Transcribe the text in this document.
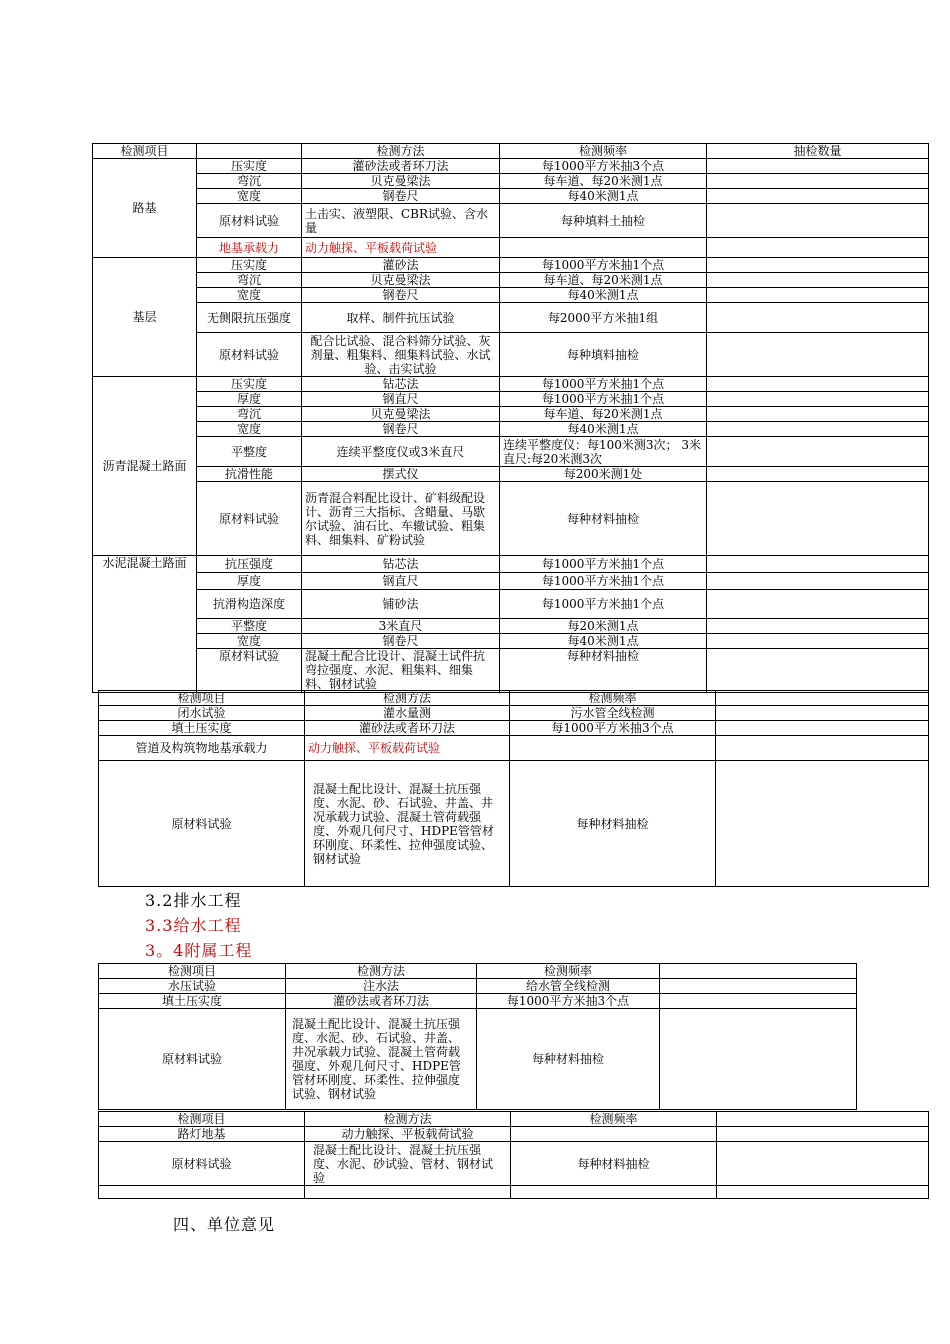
检测项目		检测方法	检测频率	抽检数量
路基	压实度	灌砂法或者环刀法	每1000平方米抽3个点	
	弯沉	贝克曼梁法	每车道、每20米测1点	
	宽度	钢卷尺	每40米测1点	
	原材料试验	土击实、液塑限、CBR试验、含水量	每种填料土抽检	
	地基承载力	动力触探、平板载荷试验		
基层	压实度	灌砂法	每1000平方米抽1个点	
	弯沉	贝克曼梁法	每车道、每20米测1点	
	宽度	钢卷尺	每40米测1点	
	无侧限抗压强度	取样、制件抗压试验	每2000平方米抽1组	
	原材料试验	配合比试验、混合料筛分试验、灰剂量、粗集料、细集料试验、水试验、击实试验	每种填料抽检	
沥青混凝土路面	压实度	钻芯法	每1000平方米抽1个点	
	厚度	钢直尺	每1000平方米抽1个点	
	弯沉	贝克曼梁法	每车道、每20米测1点	
	宽度	钢卷尺	每40米测1点	
	平整度	连续平整度仪或3米直尺	连续平整度仪：每100米测3次； 3米直尺:每20米测3次	
	抗滑性能	摆式仪	每200米测1处	
	原材料试验	沥青混合料配比设计、矿料级配设计、沥青三大指标、含蜡量、马歇尔试验、油石比、车辙试验、粗集料、细集料、矿粉试验	每种材料抽检	
水泥混凝土路面	抗压强度	钻芯法	每1000平方米抽1个点	
	厚度	钢直尺	每1000平方米抽1个点	
	抗滑构造深度	铺砂法	每1000平方米抽1个点	
	平整度	3米直尺	每20米测1点	
	宽度	钢卷尺	每40米测1点	
	原材料试验	混凝土配合比设计、混凝土试件抗弯拉强度、水泥、粗集料、细集料、钢材试验	每种材料抽检	
检测项目	检测方法	检测频率	
闭水试验	灌水量测	污水管全线检测	
填土压实度	灌砂法或者环刀法	每1000平方米抽3个点	
管道及构筑物地基承载力	动力触探、平板载荷试验		
原材料试验	混凝土配比设计、混凝土抗压强度、水泥、砂、石试验、井盖、井况承载力试验、混凝土管荷载强度、外观几何尺寸、HDPE管管材环刚度、环柔性、拉伸强度试验、钢材试验	每种材料抽检	
3.2排水工程
3.3给水工程
3。4附属工程
检测项目	检测方法	检测频率	
水压试验	注水法	给水管全线检测	
填土压实度	灌砂法或者环刀法	每1000平方米抽3个点	
原材料试验	混凝土配比设计、混凝土抗压强度、水泥、砂、石试验、井盖、井况承载力试验、混凝土管荷载强度、外观几何尺寸、HDPE管管材环刚度、环柔性、拉伸强度试验、钢材试验	每种材料抽检	
检测项目	检测方法	检测频率	
路灯地基	动力触探、平板载荷试验		
原材料试验	混凝土配比设计、混凝土抗压强度、水泥、砂试验、管材、钢材试验	每种材料抽检	

四、单位意见
